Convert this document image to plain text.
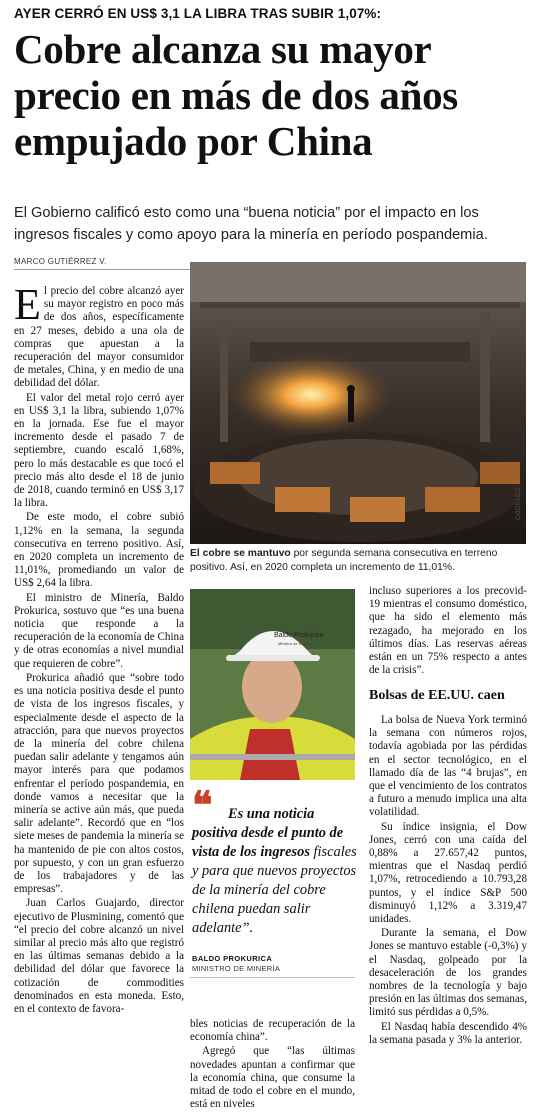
AYER CERRÓ EN US$ 3,1 LA LIBRA TRAS SUBIR 1,07%:
Cobre alcanza su mayor precio en más de dos años empujado por China
El Gobierno calificó esto como una “buena noticia” por el impacto en los ingresos fiscales y como apoyo para la minería en período pospandemia.
MARCO GUTIÉRREZ V.

El precio del cobre alcanzó ayer su mayor registro en poco más de dos años, específicamente en 27 meses, debido a una ola de compras que apuestan a la recuperación del mayor consumidor de metales, China, y en medio de una debilidad del dólar.

El valor del metal rojo cerró ayer en US$ 3,1 la libra, subiendo 1,07% en la jornada. Ese fue el mayor incremento desde el pasado 7 de septiembre, cuando escaló 1,68%, pero lo más destacable es que tocó el precio más alto desde el 18 de junio de 2018, cuando terminó en US$ 3,17 la libra.

De este modo, el cobre subió 1,12% en la semana, la segunda consecutiva en terreno positivo. Así, en 2020 completa un incremento de 11,01%, promediando un valor de US$ 2,64 la libra.

El ministro de Minería, Baldo Prokurica, sostuvo que “es una buena noticia que responde a la recuperación de la economía de China y de otras economías a nivel mundial que requieren de cobre”.

Prokurica añadió que “sobre todo es una noticia positiva desde el punto de vista de los ingresos fiscales, y especialmente desde el aspecto de la atracción, para que nuevos proyectos de la minería del cobre chilena puedan salir adelante y tengamos aún mayor interés para que podamos enfrentar el período pospandemia, en donde vamos a necesitar que la minería se active aún más, que pueda salir adelante”. Recordó que en “los siete meses de pandemia la minería se ha mantenido de pie con altos costos, por supuesto, y con un gran esfuerzo de los trabajadores y de las empresas”.

Juan Carlos Guajardo, director ejecutivo de Plusmining, comentó que “el precio del cobre alcanzó un nivel similar al precio más alto que registró en las últimas semanas debido a la debilidad del dólar que favorece la cotización de commodities denominados en esta moneda. Esto, en el contexto de favora-

CODELCO
El cobre se mantuvo por segunda semana consecutiva en terreno positivo. Así, en 2020 completa un incremento de 11,01%.
Baldo Prokurica
Ministro de Minería
❝	Es una noticia positiva desde el punto de vista de los ingresos fiscales y para que nuevos proyectos de la minería del cobre chilena puedan salir adelante”.
BALDO PROKURICA
MINISTRO DE MINERÍA

bles noticias de recuperación de la economía china”.

Agregó que “las últimas novedades apuntan a confirmar que la economía china, que consume la mitad de todo el cobre en el mundo, está en niveles

incluso superiores a los precovid-19 mientras el consumo doméstico, que ha sido el elemento más rezagado, ha mejorado en los últimos días. Las reservas aéreas están en un 75% respecto a antes de la crisis”.
Bolsas de EE.UU. caen

La bolsa de Nueva York terminó la semana con números rojos, todavía agobiada por las pérdidas en el sector tecnológico, en el llamado día de las “4 brujas”, en que el vencimiento de los contratos a futuro a menudo implica una alta volatilidad.

Su índice insignia, el Dow Jones, cerró con una caída del 0,88% a 27.657,42 puntos, mientras que el Nasdaq perdió 1,07%, retrocediendo a 10.793,28 puntos, y el índice S&P 500 disminuyó 1,12% a 3.319,47 unidades.

Durante la semana, el Dow Jones se mantuvo estable (-0,3%) y el Nasdaq, golpeado por la desaceleración de los grandes nombres de la tecnología y bajo presión en las últimas dos semanas, limitó sus pérdidas a 0,5%.

El Nasdaq había descendido 4% la semana pasada y 3% la anterior.
